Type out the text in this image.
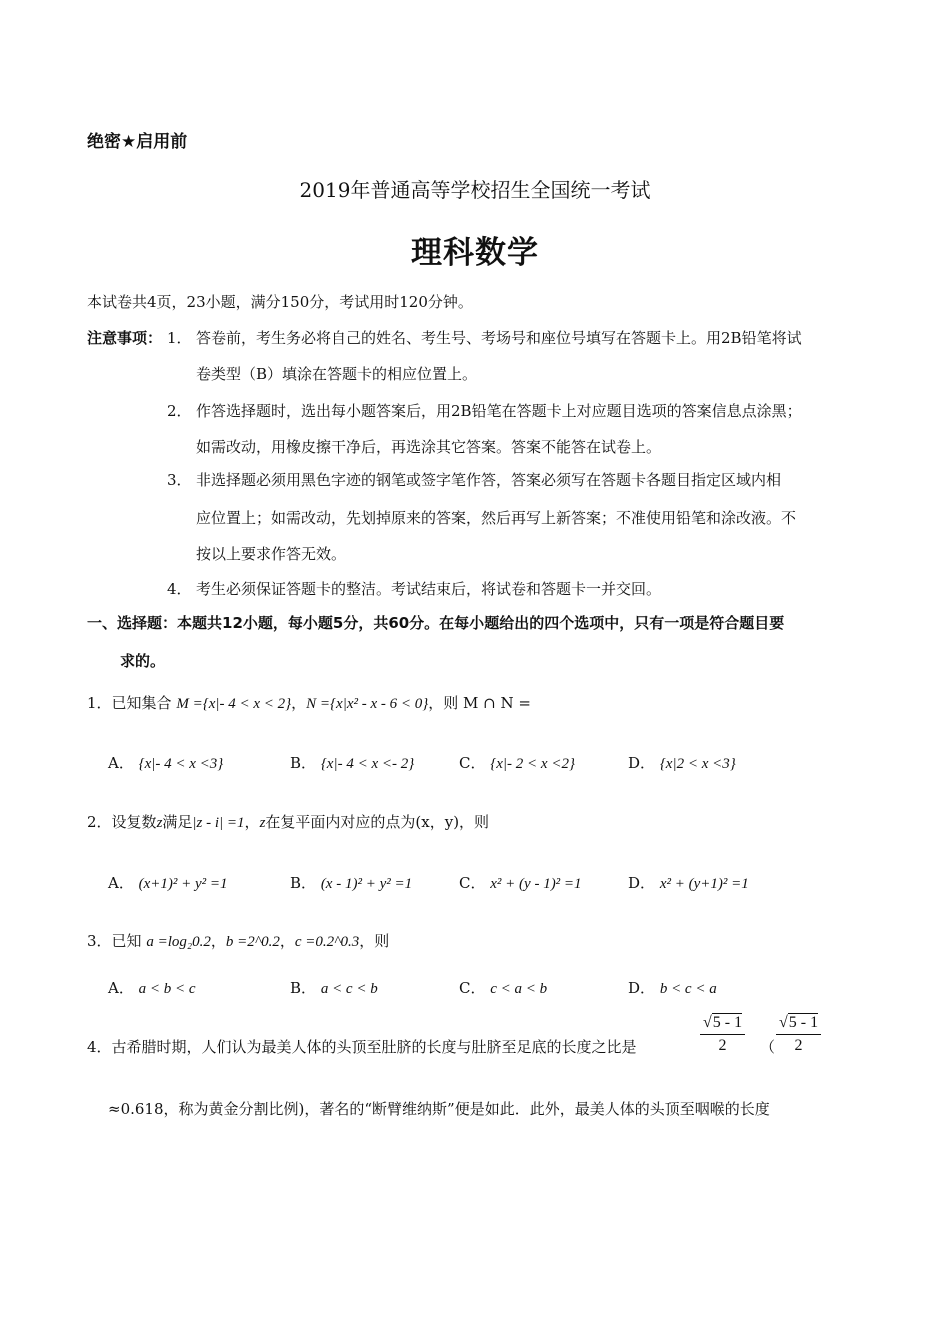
绝密★启用前
2019年普通高等学校招生全国统一考试
理科数学
本试卷共4页，23小题，满分150分，考试用时120分钟。
注意事项： 1． 答卷前，考生务必将自己的姓名、考生号、考场号和座位号填写在答题卡上。用2B铅笔将试
卷类型（B）填涂在答题卡的相应位置上。
2． 作答选择题时，选出每小题答案后，用2B铅笔在答题卡上对应题目选项的答案信息点涂黑；
如需改动，用橡皮擦干净后，再选涂其它答案。答案不能答在试卷上。
3． 非选择题必须用黑色字迹的钢笔或签字笔作答，答案必须写在答题卡各题目指定区域内相
应位置上；如需改动，先划掉原来的答案，然后再写上新答案；不准使用铅笔和涂改液。不
按以上要求作答无效。
4． 考生必须保证答题卡的整洁。考试结束后，将试卷和答题卡一并交回。
一、选择题：本题共12小题，每小题5分，共60分。在每小题给出的四个选项中，只有一项是符合题目要
求的。
1．已知集合 M ={x|- 4 < x < 2}，N ={x|x² - x - 6 < 0}，则 M ∩ N =
A． {x|- 4 < x <3}	B． {x|- 4 < x <- 2}	C． {x|- 2 < x <2}	D． {x|2 < x <3}
2．设复数z满足|z - i| =1，z在复平面内对应的点为(x，y)，则
A． (x+1)² + y² =1	B． (x - 1)² + y² =1	C． x² + (y - 1)² =1	D． x² + (y+1)² =1
3．已知 a =log₂0.2，b =2^0.2，c =0.2^0.3，则
A． a < b < c	B． a < c < b	C． c < a < b	D． b < c < a
4．古希腊时期，人们认为最美人体的头顶至肚脐的长度与肚脐至足底的长度之比是	$\frac{√5 - 1}{2}$ （ $\frac{√5 - 1}{2}$
≈0.618，称为黄金分割比例)，著名的“断臂维纳斯”便是如此．此外，最美人体的头顶至咽喉的长度
